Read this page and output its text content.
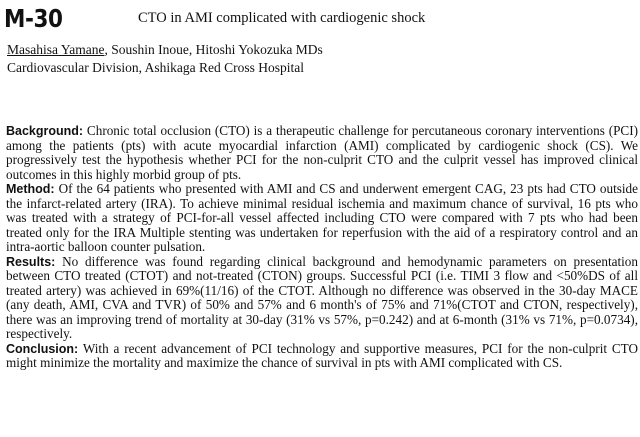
M-30	CTO in AMI complicated with cardiogenic shock
Masahisa Yamane, Soushin Inoue, Hitoshi Yokozuka MDs
Cardiovascular Division, Ashikaga Red Cross Hospital

Background: Chronic total occlusion (CTO) is a therapeutic challenge for percutaneous coronary interventions (PCI) among the patients (pts) with acute myocardial infarction (AMI) complicated by cardiogenic shock (CS). We progressively test the hypothesis whether PCI for the non-culprit CTO and the culprit vessel has improved clinical outcomes in this highly morbid group of pts.

Method: Of the 64 patients who presented with AMI and CS and underwent emergent CAG, 23 pts had CTO outside the infarct-related artery (IRA). To achieve minimal residual ischemia and maximum chance of survival, 16 pts who was treated with a strategy of PCI-for-all vessel affected including CTO were compared with 7 pts who had been treated only for the IRA Multiple stenting was undertaken for reperfusion with the aid of a respiratory control and an intra-aortic balloon counter pulsation.

Results: No difference was found regarding clinical background and hemodynamic parameters on presentation between CTO treated (CTOT) and not-treated (CTON) groups. Successful PCI (i.e. TIMI 3 flow and <50%DS of all treated artery) was achieved in 69%(11/16) of the CTOT. Although no difference was observed in the 30-day MACE (any death, AMI, CVA and TVR) of 50% and 57% and 6 month's of 75% and 71%(CTOT and CTON, respectively), there was an improving trend of mortality at 30-day (31% vs 57%, p=0.242) and at 6-month (31% vs 71%, p=0.0734), respectively.

Conclusion: With a recent advancement of PCI technology and supportive measures, PCI for the non-culprit CTO might minimize the mortality and maximize the chance of survival in pts with AMI complicated with CS.
